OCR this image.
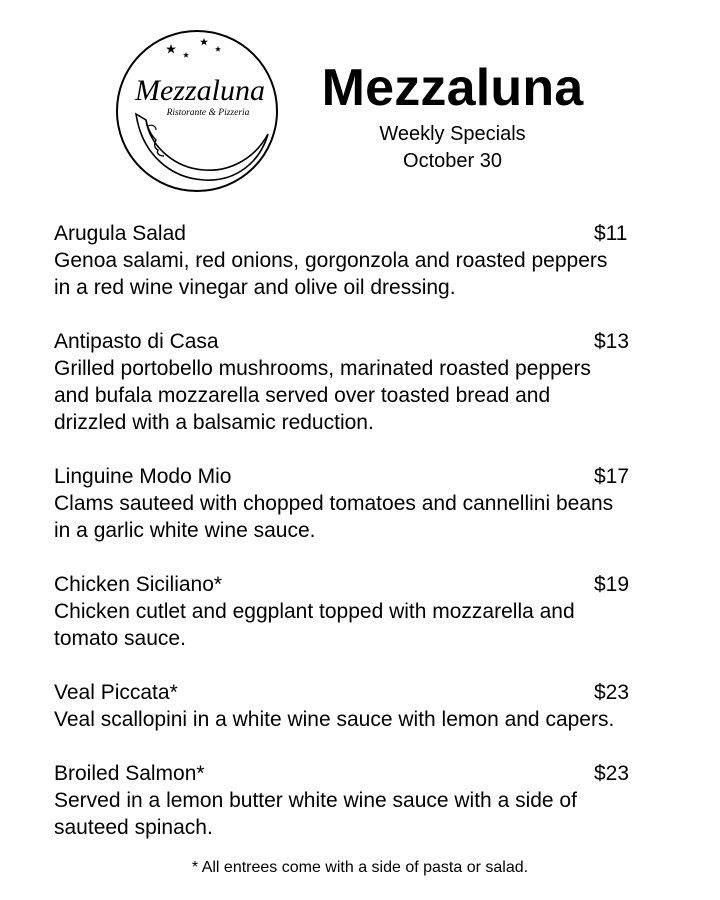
Mezzaluna
Ristorante & Pizzeria	Mezzaluna
Weekly Specials
October 30
Arugula Salad	$11
Genoa salami, red onions, gorgonzola and roasted peppers
in a red wine vinegar and olive oil dressing.
Antipasto di Casa	$13
Grilled portobello mushrooms, marinated roasted peppers
and bufala mozzarella served over toasted bread and
drizzled with a balsamic reduction.
Linguine Modo Mio	$17
Clams sauteed with chopped tomatoes and cannellini beans
in a garlic white wine sauce.
Chicken Siciliano*	$19
Chicken cutlet and eggplant topped with mozzarella and
tomato sauce.
Veal Piccata*	$23
Veal scallopini in a white wine sauce with lemon and capers.
Broiled Salmon*	$23
Served in a lemon butter white wine sauce with a side of
sauteed spinach.
* All entrees come with a side of pasta or salad.
